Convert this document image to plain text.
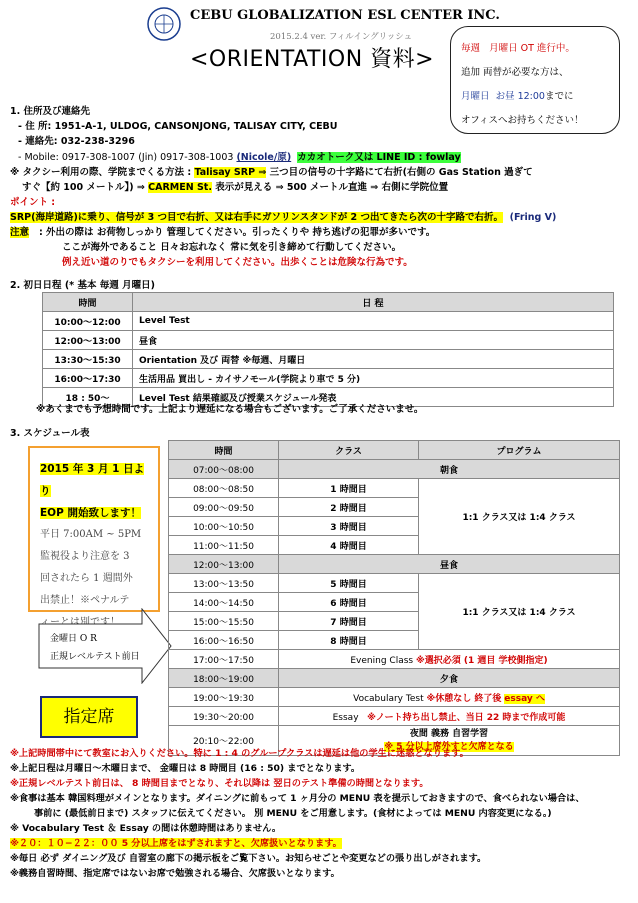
CEBU GLOBALIZATION ESL CENTER INC.
2015.2.4 ver. フィルイングリッシュ
<ORIENTATION 資料>	毎週 月曜日 OT 進行中。
追加 両替が必要な方は、
月曜日 お昼 12:00までに
オフィスへお持ちください！
1. 住所及び連絡先
- 住 所: 1951-A-1, ULDOG, CANSONJONG, TALISAY CITY, CEBU
- 連絡先: 032-238-3296
- Mobile: 0917-308-1007 (Jin) 0917-308-1003 (Nicole/原) カカオトーク又は LINE ID : fowlay
※ タクシー利用の際、学院までくる方法 : Talisay SRP ⇒ 三つ目の信号の十字路にて右折(右側の Gas Station 過ぎて
すぐ【約 100 メートル】) ⇒ CARMEN St. 表示が見える ⇒ 500 メートル直進 ⇒ 右側に学院位置
ポイント :
SRP(海岸道路)に乗り、信号が 3 つ目で右折、又は右手にガソリンスタンドが 2 つ出てきたら次の十字路で右折。 (Fring V)
注意 : 外出の際は お荷物しっかり 管理してください。引ったくりや 持ち逃げの犯罪が多いです。
ここが海外であること 日々お忘れなく 常に気を引き締めて行動してください。
例え近い道のりでもタクシーを利用してください。出歩くことは危険な行為です。
2. 初日日程 (* 基本 毎週 月曜日)
時間	日 程
10:00〜12:00	Level Test
12:00〜13:00	昼食
13:30〜15:30	Orientation 及び 両替 ※毎週、月曜日
16:00〜17:30	生活用品 買出し - カイサノモール(学院より車で 5 分)
18 : 50〜	Level Test 結果確認及び授業スケジュール発表
※あくまでも予想時間です。上記より遅延になる場合もございます。ご了承くださいませ。
3. スケジュール表
2015 年 3 月 1 日より
EOP 開始致します！
平日 7:00AM ~ 5PM
監視役より注意を 3
回されたら 1 週間外
出禁止！※ペナルテ
ィーとは別です！
金曜日 O R
正規レベルテスト前日
指定席
時間	クラス	プログラム
07:00〜08:00	朝食	
08:00〜08:50	1 時間目	1:1 クラス又は 1:4 クラス
09:00〜09:50	2 時間目	
10:00〜10:50	3 時間目	
11:00〜11:50	4 時間目	
12:00〜13:00	昼食	
13:00〜13:50	5 時間目	1:1 クラス又は 1:4 クラス
14:00〜14:50	6 時間目	
15:00〜15:50	7 時間目	
16:00〜16:50	8 時間目	
17:00〜17:50	Evening Class ※選択必須 (1 週目 学校側指定)	
18:00〜19:00	夕食	
19:00〜19:30	Vocabulary Test ※休憩なし 終了後 essay へ	
19:30〜20:00	Essay ※ノート持ち出し禁止、当日 22 時まで作成可能	
20:10〜22:00	夜間 義務 自習学習
※ 5 分以上席外すと欠席となる	
※上記時間帯中にて教室にお入りください。特に 1 : 4 のグループクラスは遅延は他の学生に迷惑となります。
※上記日程は月曜日〜木曜日まで、 金曜日は 8 時間目 (16 : 50) までとなります。
※正規レベルテスト前日は、 8 時間目までとなり、それ以降は 翌日のテスト準備の時間となります。
※食事は基本 韓国料理がメインとなります。ダイニングに前もって 1 ヶ月分の MENU 表を提示しておきますので、食べられない場合は、
事前に (最低前日まで) スタッフに伝えてください。 別 MENU をご用意します。(食材によっては MENU 内容変更になる。)
※ Vocabulary Test ＆ Essay の間は休憩時間はありません。
※２０：１０−２２：００ 5 分以上席をはずされますと、欠席扱いとなります。
※毎日 必ず ダイニング及び 自習室の廊下の掲示板をご覧下さい。お知らせごとや変更などの張り出しがされます。
※義務自習時間、指定席ではないお席で勉強される場合、欠席扱いとなります。
